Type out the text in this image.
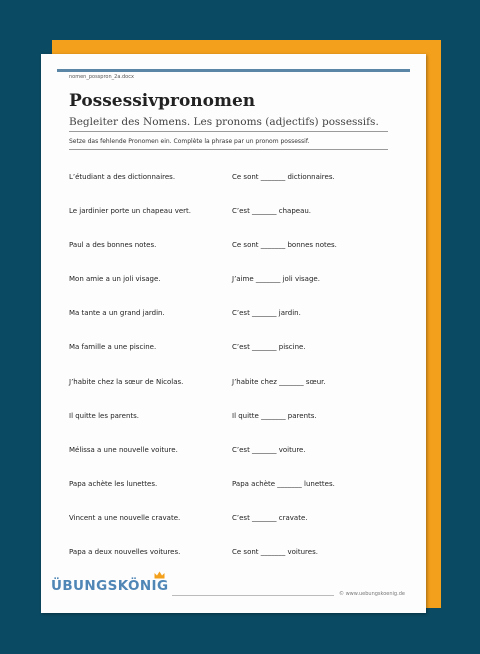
nomen_posspron_2a.docx
Possessivpronomen
Begleiter des Nomens. Les pronoms (adjectifs) possessifs.
Setze das fehlende Pronomen ein. Complète la phrase par un pronom possessif.
L’étudiant a des dictionnaires.	Ce sont _______ dictionnaires.
Le jardinier porte un chapeau vert.	C’est _______ chapeau.
Paul a des bonnes notes.	Ce sont _______ bonnes notes.
Mon amie a un joli visage.	J’aime _______ joli visage.
Ma tante a un grand jardin.	C’est _______ jardin.
Ma famille a une piscine.	C’est _______ piscine.
J’habite chez la sœur de Nicolas.	J’habite chez _______ sœur.
Il quitte les parents.	Il quitte _______ parents.
Mélissa a une nouvelle voiture.	C’est _______ voiture.
Papa achète les lunettes.	Papa achète _______ lunettes.
Vincent a une nouvelle cravate.	C’est _______ cravate.
Papa a deux nouvelles voitures.	Ce sont _______ voitures.
ÜBUNGSKÖNIG	© www.uebungskoenig.de
